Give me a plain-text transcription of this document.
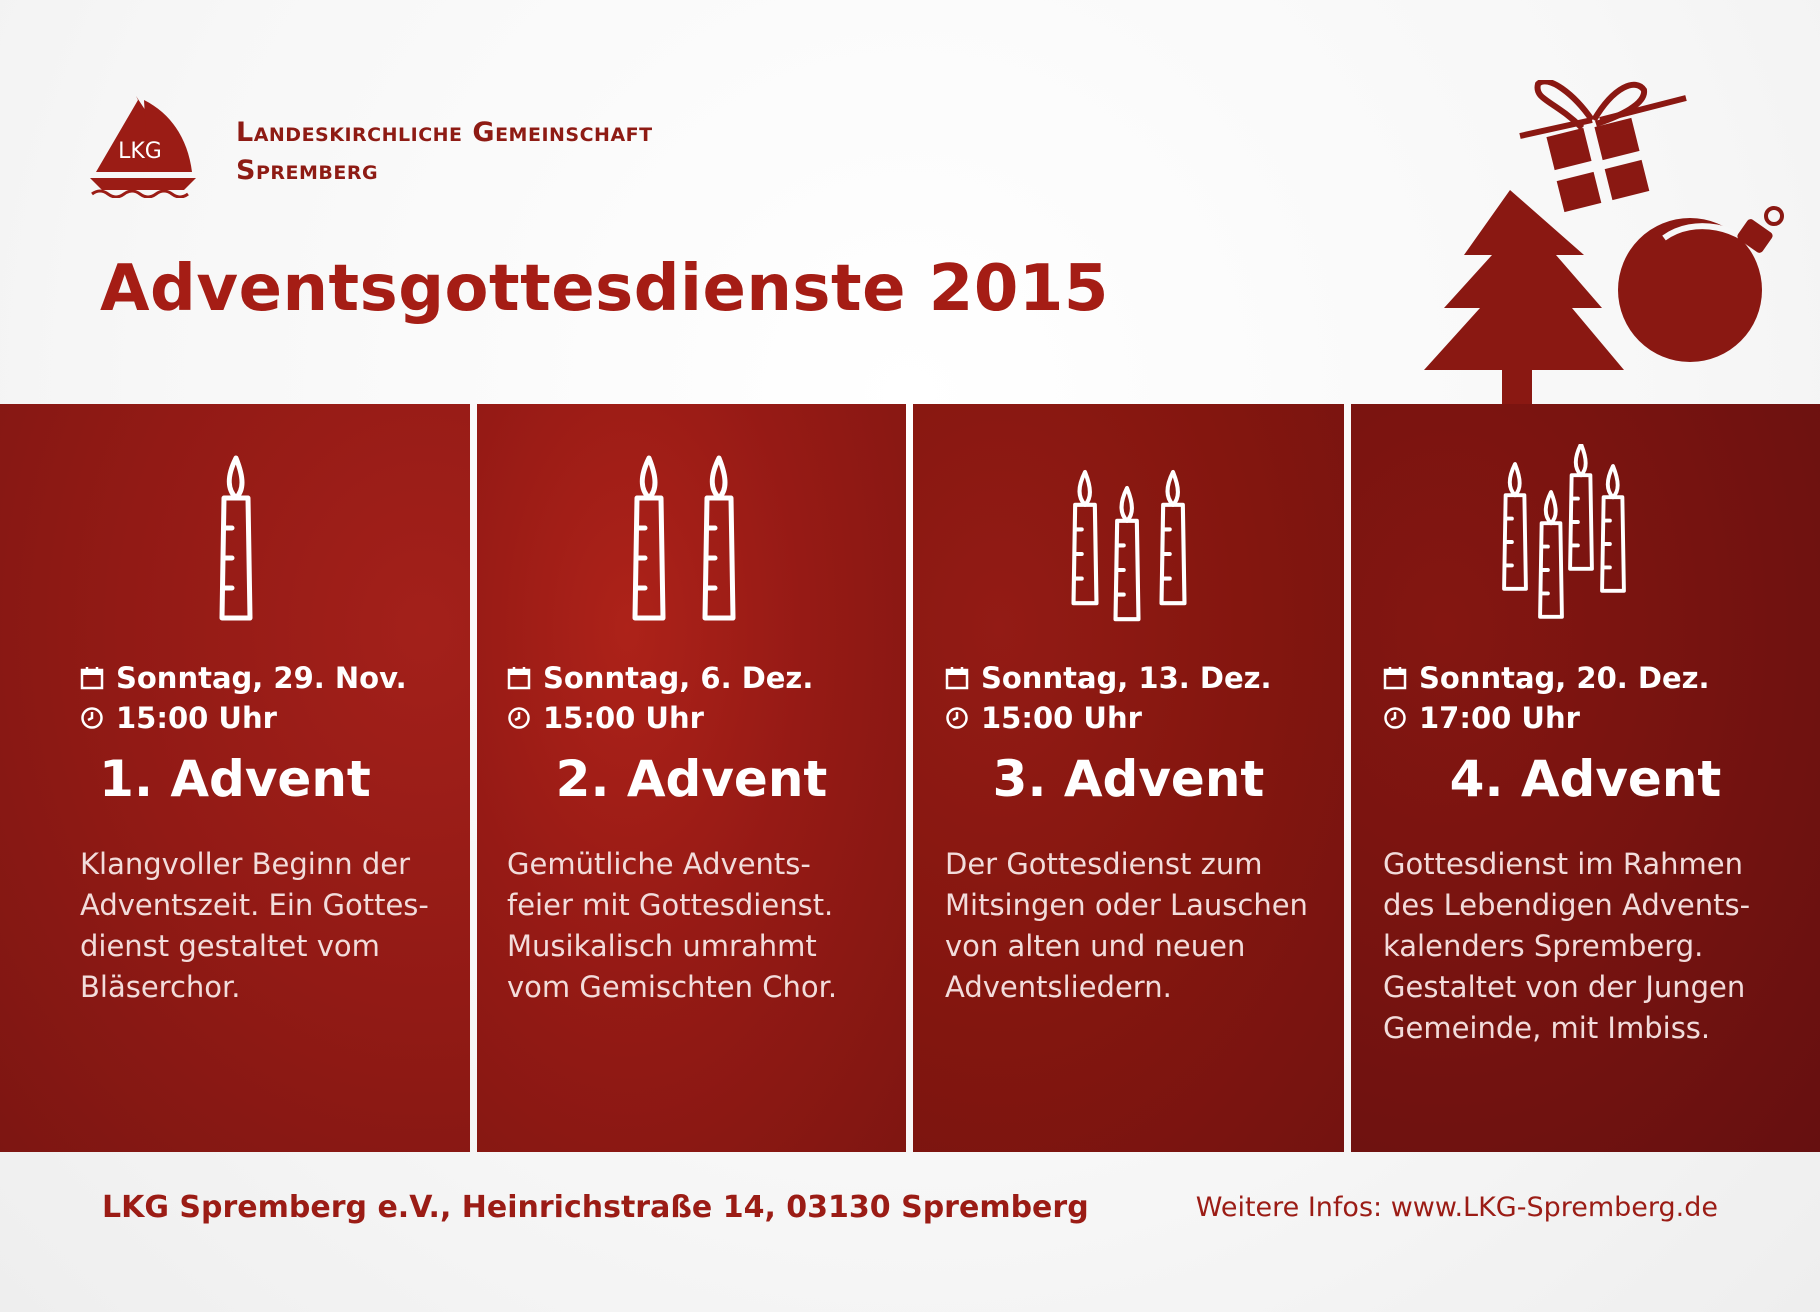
LKG
Landeskirchliche Gemeinschaft
Spremberg
Adventsgottesdienste 2015
Sonntag, 29. Nov.
15:00 Uhr
1. Advent
Klangvoller Beginn der
Adventszeit. Ein Gottes-
dienst gestaltet vom
Bläserchor.
Sonntag, 6. Dez.
15:00 Uhr
2. Advent
Gemütliche Advents-
feier mit Gottesdienst.
Musikalisch umrahmt
vom Gemischten Chor.
Sonntag, 13. Dez.
15:00 Uhr
3. Advent
Der Gottesdienst zum
Mitsingen oder Lauschen
von alten und neuen
Adventsliedern.
Sonntag, 20. Dez.
17:00 Uhr
4. Advent
Gottesdienst im Rahmen
des Lebendigen Advents-
kalenders Spremberg.
Gestaltet von der Jungen
Gemeinde, mit Imbiss.
LKG Spremberg e.V., Heinrichstraße 14, 03130 Spremberg	Weitere Infos: www.LKG-Spremberg.de
